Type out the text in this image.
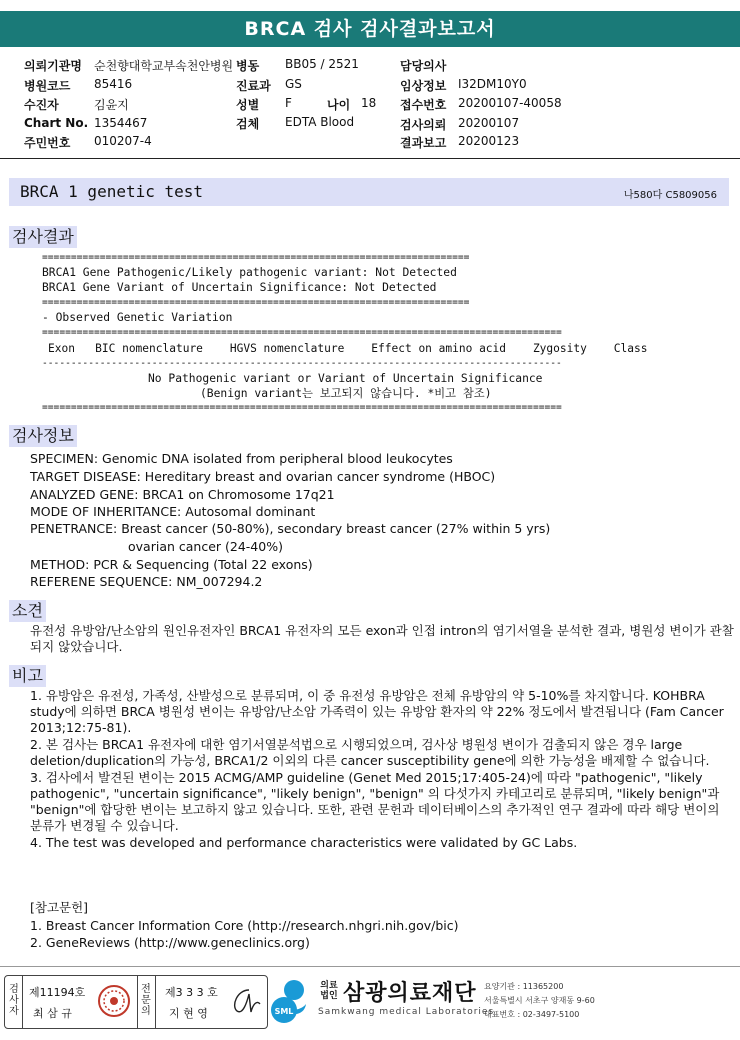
BRCA 검사 검사결과보고서
의뢰기관명 순천향대학교부속천안병원 병동 BB05 / 2521	담당의사
병원코드 85416	진료과 GS	임상정보 I32DM10Y0
수진자	김윤지	성별 F	나이 18 접수번호 20200107-40058
Chart No. 1354467	검체 EDTA Blood	검사의뢰 20200107
주민번호 010207-4	결과보고 20200123
BRCA 1 genetic test	나580다 C5809056
검사결과
==========================================================================
BRCA1 Gene Pathogenic/Likely pathogenic variant: Not Detected
BRCA1 Gene Variant of Uncertain Significance: Not Detected
==========================================================================
- Observed Genetic Variation
==========================================================================================
Exon   BIC nomenclature    HGVS nomenclature    Effect on amino acid    Zygosity    Class
------------------------------------------------------------------------------------------
No Pathogenic variant or Variant of Uncertain Significance
(Benign variant는 보고되지 않습니다. *비고 참조)
==========================================================================================
검사정보
SPECIMEN: Genomic DNA isolated from peripheral blood leukocytes
TARGET DISEASE: Hereditary breast and ovarian cancer syndrome (HBOC)
ANALYZED GENE: BRCA1 on Chromosome 17q21
MODE OF INHERITANCE: Autosomal dominant
PENETRANCE: Breast cancer (50-80%), secondary breast cancer (27% within 5 yrs)
ovarian cancer (24-40%)
METHOD: PCR & Sequencing (Total 22 exons)
REFERENE SEQUENCE: NM_007294.2
소견
유전성 유방암/난소암의 원인유전자인 BRCA1 유전자의 모든 exon과 인접 intron의 염기서열을 분석한 결과, 병원성 변이가 관찰되지 않았습니다.
비고

1. 유방암은 유전성, 가족성, 산발성으로 분류되며, 이 중 유전성 유방암은 전체 유방암의 약 5-10%를 차지합니다. KOHBRA study에 의하면 BRCA 병원성 변이는 유방암/난소암 가족력이 있는 유방암 환자의 약 22% 정도에서 발견됩니다 (Fam Cancer 2013;12:75-81).

2. 본 검사는 BRCA1 유전자에 대한 염기서열분석법으로 시행되었으며, 검사상 병원성 변이가 검출되지 않은 경우 large deletion/duplication의 가능성, BRCA1/2 이외의 다른 cancer susceptibility gene에 의한 가능성을 배제할 수 없습니다.

3. 검사에서 발견된 변이는 2015 ACMG/AMP guideline (Genet Med 2015;17:405-24)에 따라 "pathogenic", "likely pathogenic", "uncertain significance", "likely benign", "benign" 의 다섯가지 카테고리로 분류되며, "likely benign"과 "benign"에 합당한 변이는 보고하지 않고 있습니다. 또한, 관련 문헌과 데이터베이스의 추가적인 연구 결과에 따라 해당 변이의 분류가 변경될 수 있습니다.

4. The test was developed and performance characteristics were validated by GC Labs.

[참고문헌]
1. Breast Cancer Information Core (http://research.nhgri.nih.gov/bic)
2. GeneReviews (http://www.geneclinics.org)
검사자
제11194호
최 삼 규
전문의
제3 3 3 호
지 현 영	SML
의료법인 삼광의료재단
Samkwang medical Laboratories
요양기관 : 11365200
서울특별시 서초구 양재동 9-60
대표번호 : 02-3497-5100
